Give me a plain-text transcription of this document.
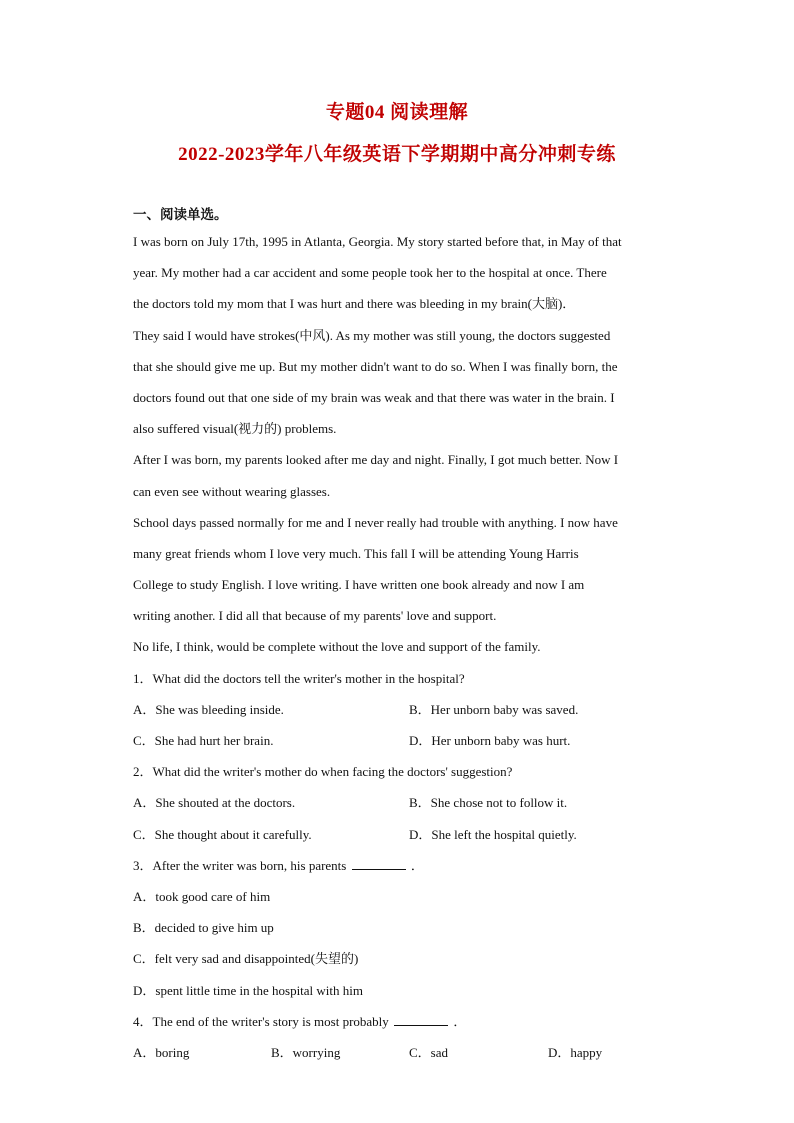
专题04 阅读理解
2022-2023学年八年级英语下学期期中高分冲刺专练
一、阅读单选。
I was born on July 17th, 1995 in Atlanta, Georgia. My story started before that, in May of that
year. My mother had a car accident and some people took her to the hospital at once. There
the doctors told my mom that I was hurt and there was bleeding in my brain(大脑)．
They said I would have strokes(中风). As my mother was still young, the doctors suggested
that she should give me up. But my mother didn't want to do so. When I was finally born, the
doctors found out that one side of my brain was weak and that there was water in the brain. I
also suffered visual(视力的) problems.
After I was born, my parents looked after me day and night. Finally, I got much better. Now I
can even see without wearing glasses.
School days passed normally for me and I never really had trouble with anything. I now have
many great friends whom I love very much. This fall I will be attending Young Harris
College to study English. I love writing. I have written one book already and now I am
writing another. I did all that because of my parents' love and support.
No life, I think, would be complete without the love and support of the family.
1．What did the doctors tell the writer's mother in the hospital?
A．She was bleeding inside.	B．Her unborn baby was saved.
C．She had hurt her brain.	D．Her unborn baby was hurt.
2．What did the writer's mother do when facing the doctors' suggestion?
A．She shouted at the doctors.	B．She chose not to follow it.
C．She thought about it carefully.	D．She left the hospital quietly.
3．After the writer was born, his parents	．
A．took good care of him
B．decided to give him up
C．felt very sad and disappointed(失望的)
D．spent little time in the hospital with him
4．The end of the writer's story is most probably	．
A．boring	B．worrying	C．sad	D．happy
